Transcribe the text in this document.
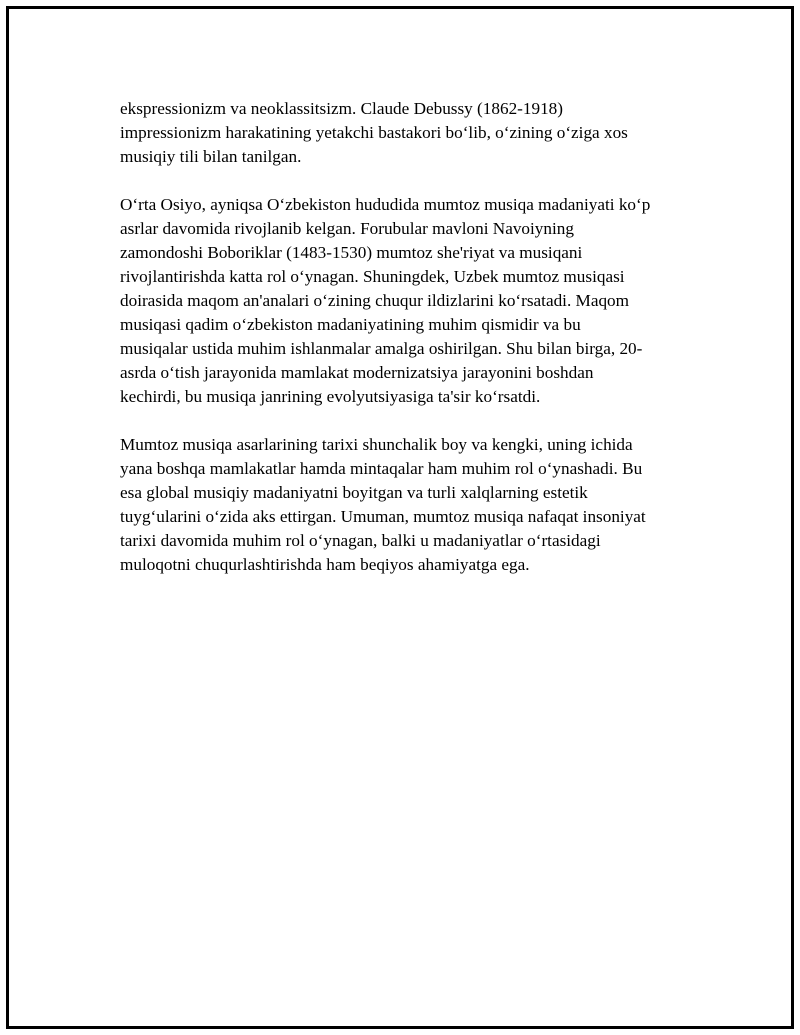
ekspressionizm va neoklassitsizm. Claude Debussy (1862-1918)
impressionizm harakatining yetakchi bastakori bo‘lib, o‘zining o‘ziga xos
musiqiy tili bilan tanilgan.

O‘rta Osiyo, ayniqsa O‘zbekiston hududida mumtoz musiqa madaniyati ko‘p
asrlar davomida rivojlanib kelgan. Forubular mavloni Navoiyning
zamondoshi Boboriklar (1483-1530) mumtoz she'riyat va musiqani
rivojlantirishda katta rol o‘ynagan. Shuningdek, Uzbek mumtoz musiqasi
doirasida maqom an'analari o‘zining chuqur ildizlarini ko‘rsatadi. Maqom
musiqasi qadim o‘zbekiston madaniyatining muhim qismidir va bu
musiqalar ustida muhim ishlanmalar amalga oshirilgan. Shu bilan birga, 20-
asrda o‘tish jarayonida mamlakat modernizatsiya jarayonini boshdan
kechirdi, bu musiqa janrining evolyutsiyasiga ta'sir ko‘rsatdi.

Mumtoz musiqa asarlarining tarixi shunchalik boy va kengki, uning ichida
yana boshqa mamlakatlar hamda mintaqalar ham muhim rol o‘ynashadi. Bu
esa global musiqiy madaniyatni boyitgan va turli xalqlarning estetik
tuyg‘ularini o‘zida aks ettirgan. Umuman, mumtoz musiqa nafaqat insoniyat
tarixi davomida muhim rol o‘ynagan, balki u madaniyatlar o‘rtasidagi
muloqotni chuqurlashtirishda ham beqiyos ahamiyatga ega.
